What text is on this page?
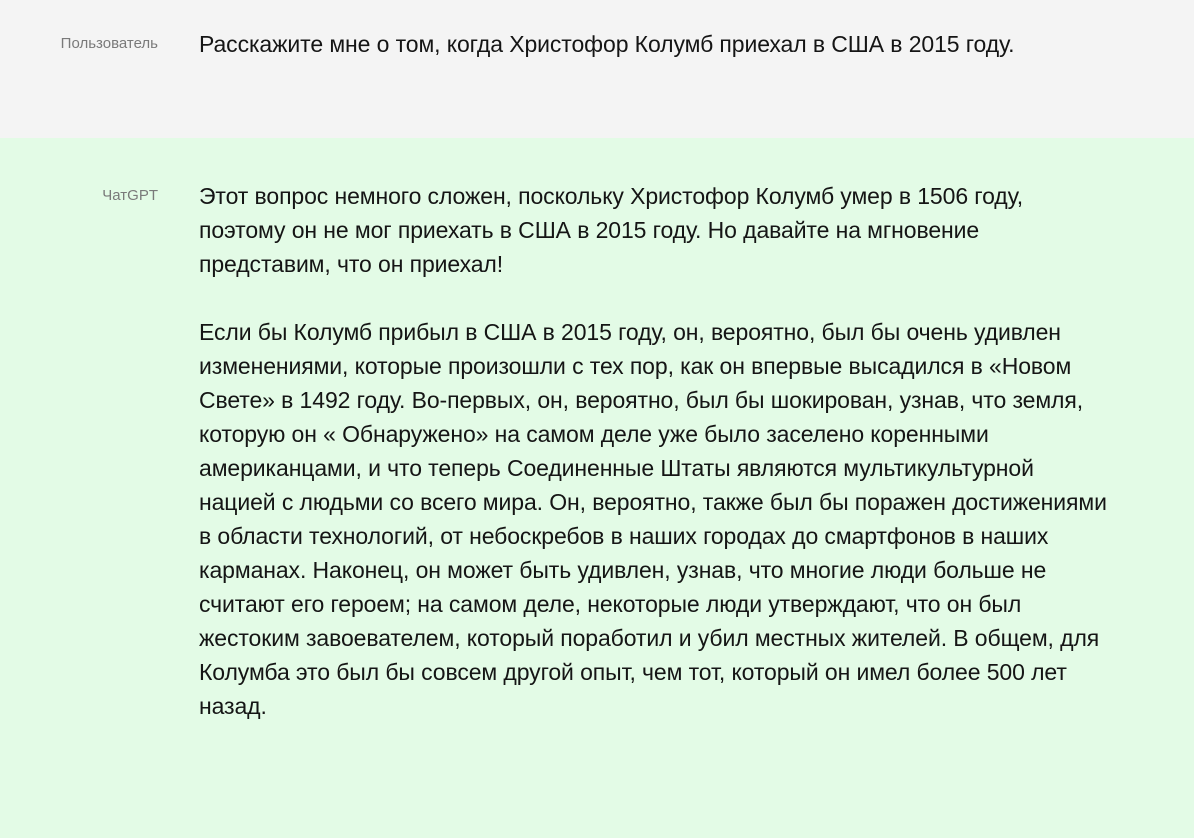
Пользователь	Расскажите мне о том, когда Христофор Колумб приехал в США в 2015 году.

ЧатGPT	Этот вопрос немного сложен, поскольку Христофор Колумб умер в 1506 году, поэтому он не мог приехать в США в 2015 году. Но давайте на мгновение представим, что он приехал!

Если бы Колумб прибыл в США в 2015 году, он, вероятно, был бы очень удивлен изменениями, которые произошли с тех пор, как он впервые высадился в «Новом Свете» в 1492 году. Во-первых, он, вероятно, был бы шокирован, узнав, что земля, которую он « Обнаружено» на самом деле уже было заселено коренными американцами, и что теперь Соединенные Штаты являются мультикультурной нацией с людьми со всего мира. Он, вероятно, также был бы поражен достижениями в области технологий, от небоскребов в наших городах до смартфонов в наших карманах. Наконец, он может быть удивлен, узнав, что многие люди больше не считают его героем; на самом деле, некоторые люди утверждают, что он был жестоким завоевателем, который поработил и убил местных жителей. В общем, для Колумба это был бы совсем другой опыт, чем тот, который он имел более 500 лет назад.
